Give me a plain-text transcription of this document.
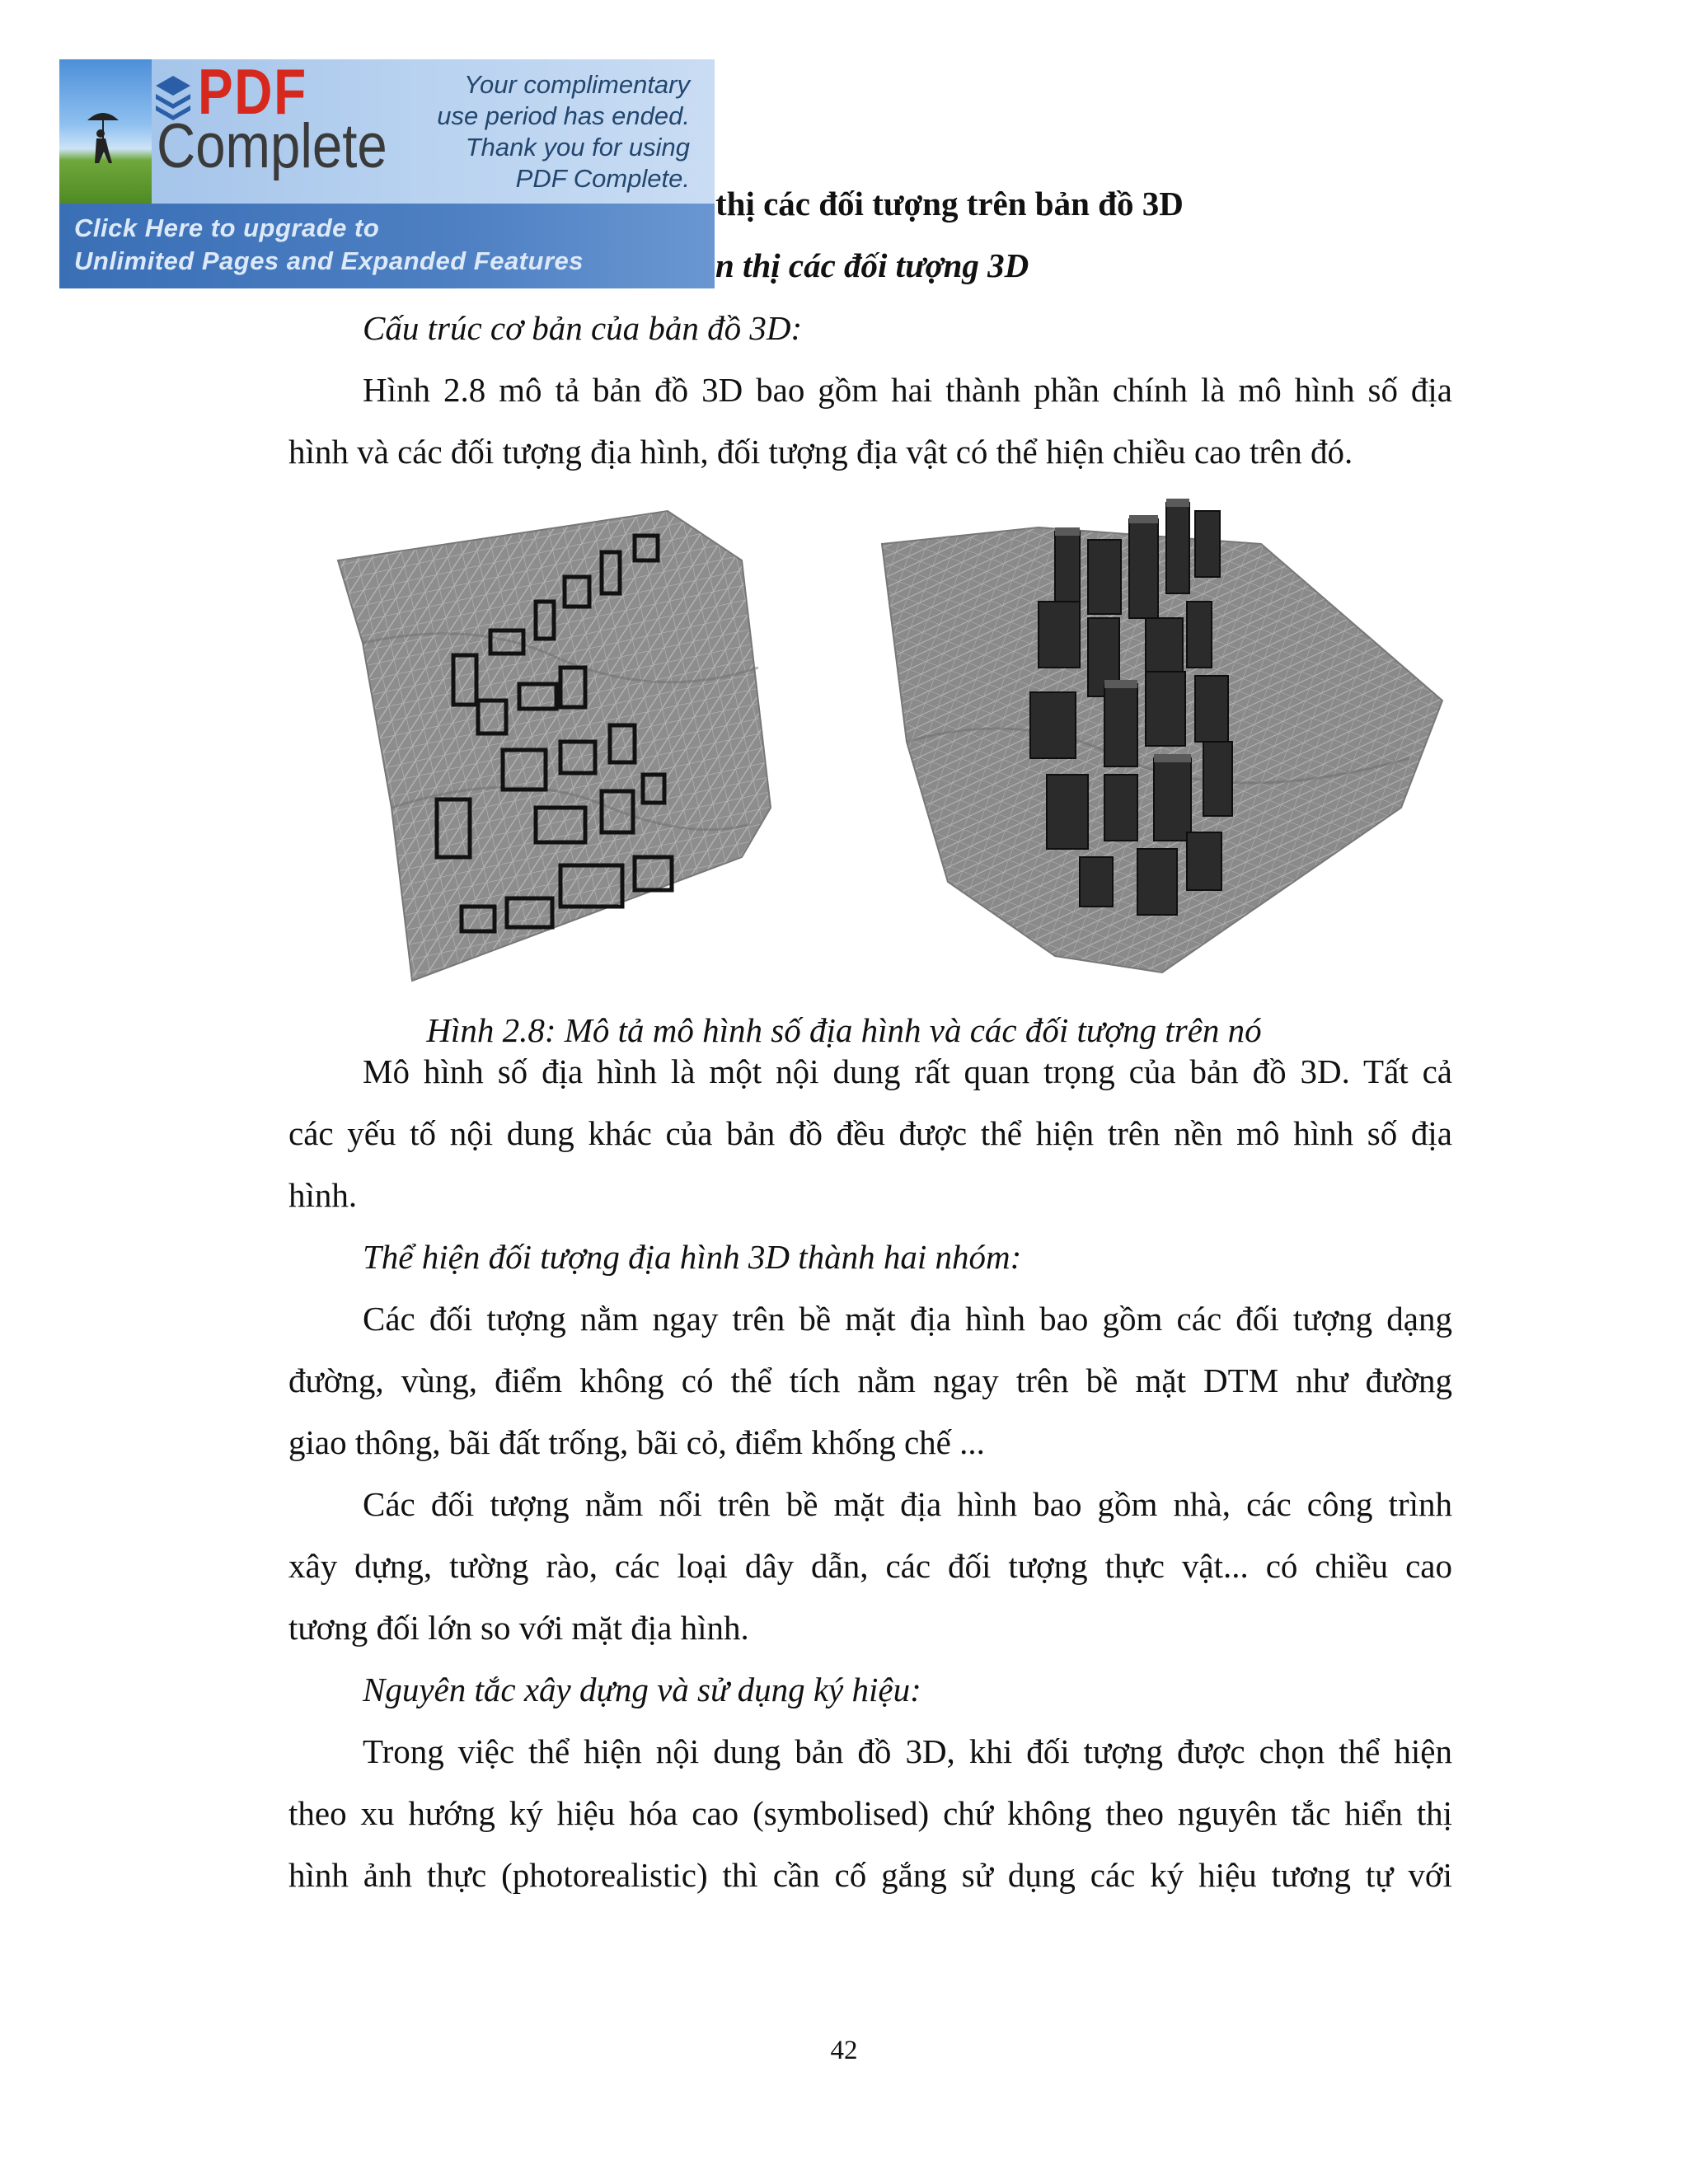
PDF
Complete
Your complimentary
use period has ended.
Thank you for using
PDF Complete.
Click Here to upgrade to
Unlimited Pages and Expanded Features
thị các đối tượng trên bản đồ 3D
n thị các đối tượng 3D
Cấu trúc cơ bản của bản đồ 3D:
Hình 2.8 mô tả bản đồ 3D bao gồm hai thành phần chính là mô hình số địa
hình và các đối tượng địa hình, đối tượng địa vật có thể hiện chiều cao trên đó.
Hình 2.8: Mô tả mô hình số địa hình và các đối tượng trên nó
Mô hình số địa hình là một nội dung rất quan trọng của bản đồ 3D. Tất cả
các yếu tố nội dung khác của bản đồ đều được thể hiện trên nền mô hình số địa
hình.
Thể hiện đối tượng địa hình 3D thành hai nhóm:
Các đối tượng nằm ngay trên bề mặt địa hình bao gồm các đối tượng dạng
đường, vùng, điểm không có thể tích nằm ngay trên bề mặt DTM như đường
giao thông, bãi đất trống, bãi cỏ, điểm khống chế ...
Các đối tượng nằm nổi trên bề mặt địa hình bao gồm nhà, các công trình
xây dựng, tường rào, các loại dây dẫn, các đối tượng thực vật... có chiều cao
tương đối lớn so với mặt địa hình.
Nguyên tắc xây dựng và sử dụng ký hiệu:
Trong việc thể hiện nội dung bản đồ 3D, khi đối tượng được chọn thể hiện
theo xu hướng ký hiệu hóa cao (symbolised) chứ không theo nguyên tắc hiển thị
hình ảnh thực (photorealistic) thì cần cố gắng sử dụng các ký hiệu tương tự với
42
